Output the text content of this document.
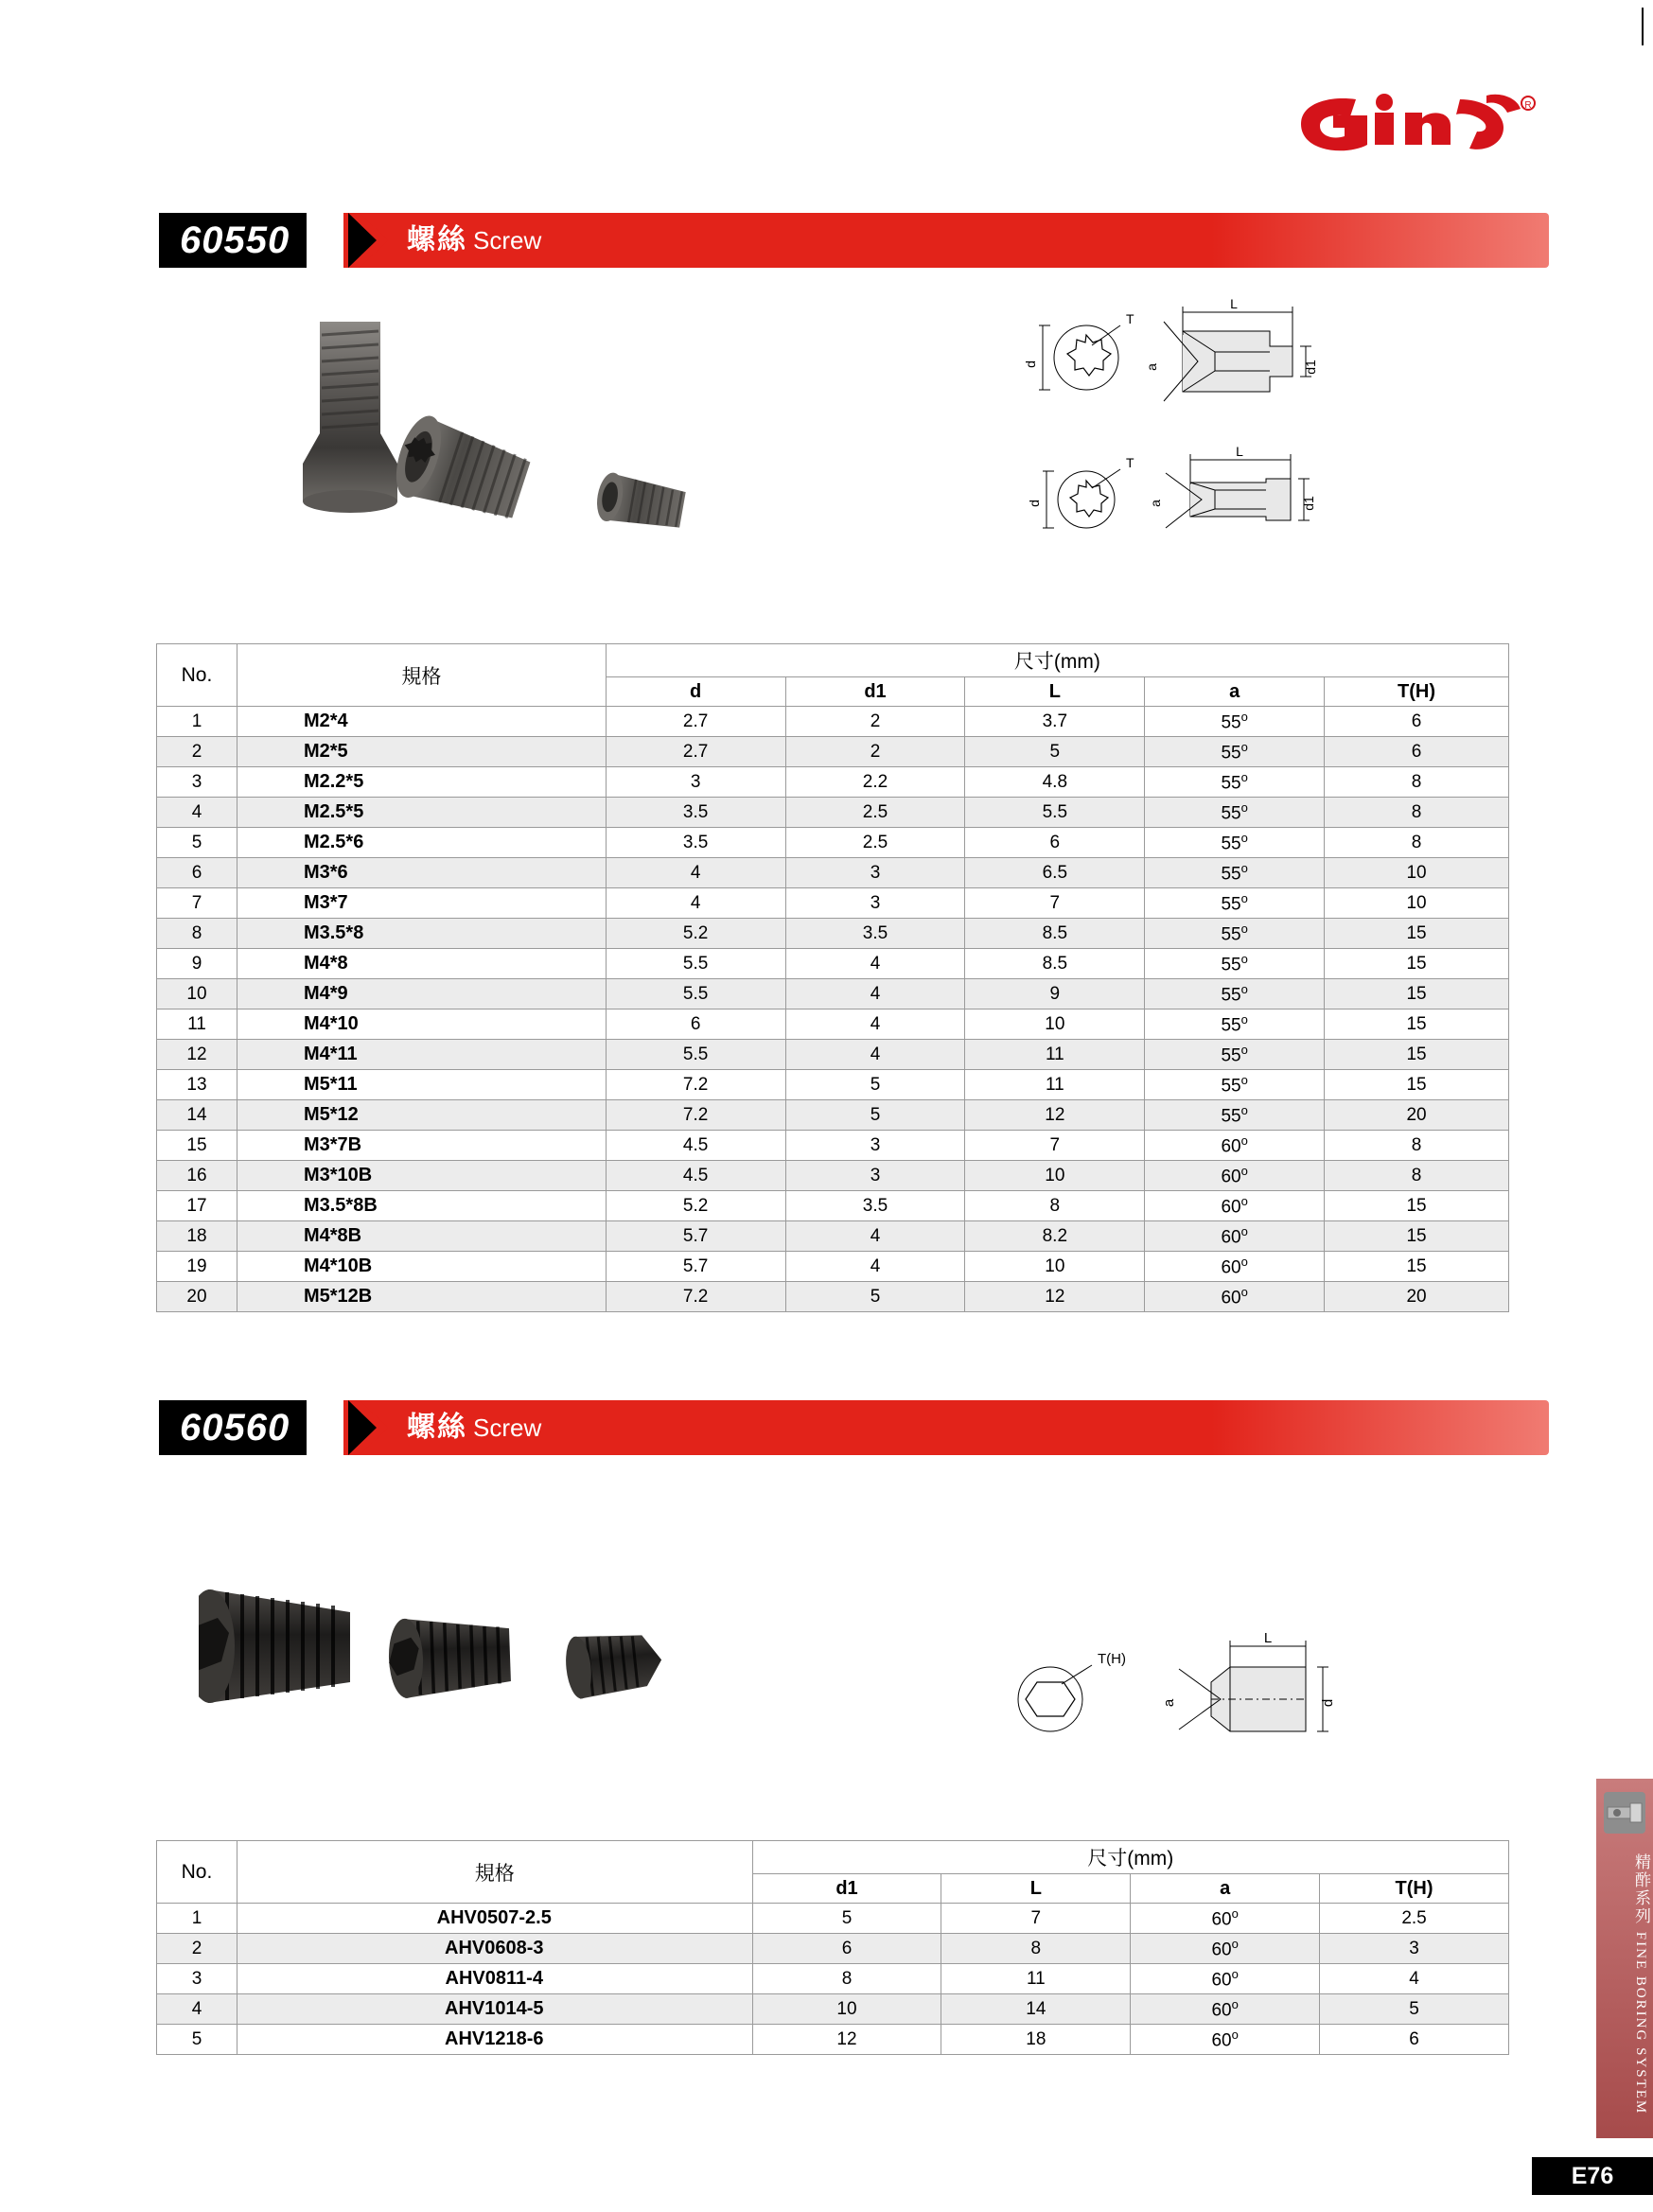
R
60550	螺絲 Screw
d
T
L
d1
a
d
T
L
d1
a
No.	規格	尺寸(mm)				
		d	d1	L	a	T(H)
1	M2*4	2.7	2	3.7	55$^o$	6
2	M2*5	2.7	2	5	55$^o$	6
3	M2.2*5	3	2.2	4.8	55$^o$	8
4	M2.5*5	3.5	2.5	5.5	55$^o$	8
5	M2.5*6	3.5	2.5	6	55$^o$	8
6	M3*6	4	3	6.5	55$^o$	10
7	M3*7	4	3	7	55$^o$	10
8	M3.5*8	5.2	3.5	8.5	55$^o$	15
9	M4*8	5.5	4	8.5	55$^o$	15
10	M4*9	5.5	4	9	55$^o$	15
11	M4*10	6	4	10	55$^o$	15
12	M4*11	5.5	4	11	55$^o$	15
13	M5*11	7.2	5	11	55$^o$	15
14	M5*12	7.2	5	12	55$^o$	20
15	M3*7B	4.5	3	7	60$^o$	8
16	M3*10B	4.5	3	10	60$^o$	8
17	M3.5*8B	5.2	3.5	8	60$^o$	15
18	M4*8B	5.7	4	8.2	60$^o$	15
19	M4*10B	5.7	4	10	60$^o$	15
20	M5*12B	7.2	5	12	60$^o$	20
60560	螺絲 Screw
T(H)
L
d
a
No.	規格	尺寸(mm)			
		d1	L	a	T(H)
1	AHV0507-2.5	5	7	60$^o$	2.5
2	AHV0608-3	6	8	60$^o$	3
3	AHV0811-4	8	11	60$^o$	4
4	AHV1014-5	10	14	60$^o$	5
5	AHV1218-6	12	18	60$^o$	6
精酢系列 FINE BORING SYSTEM
E76
